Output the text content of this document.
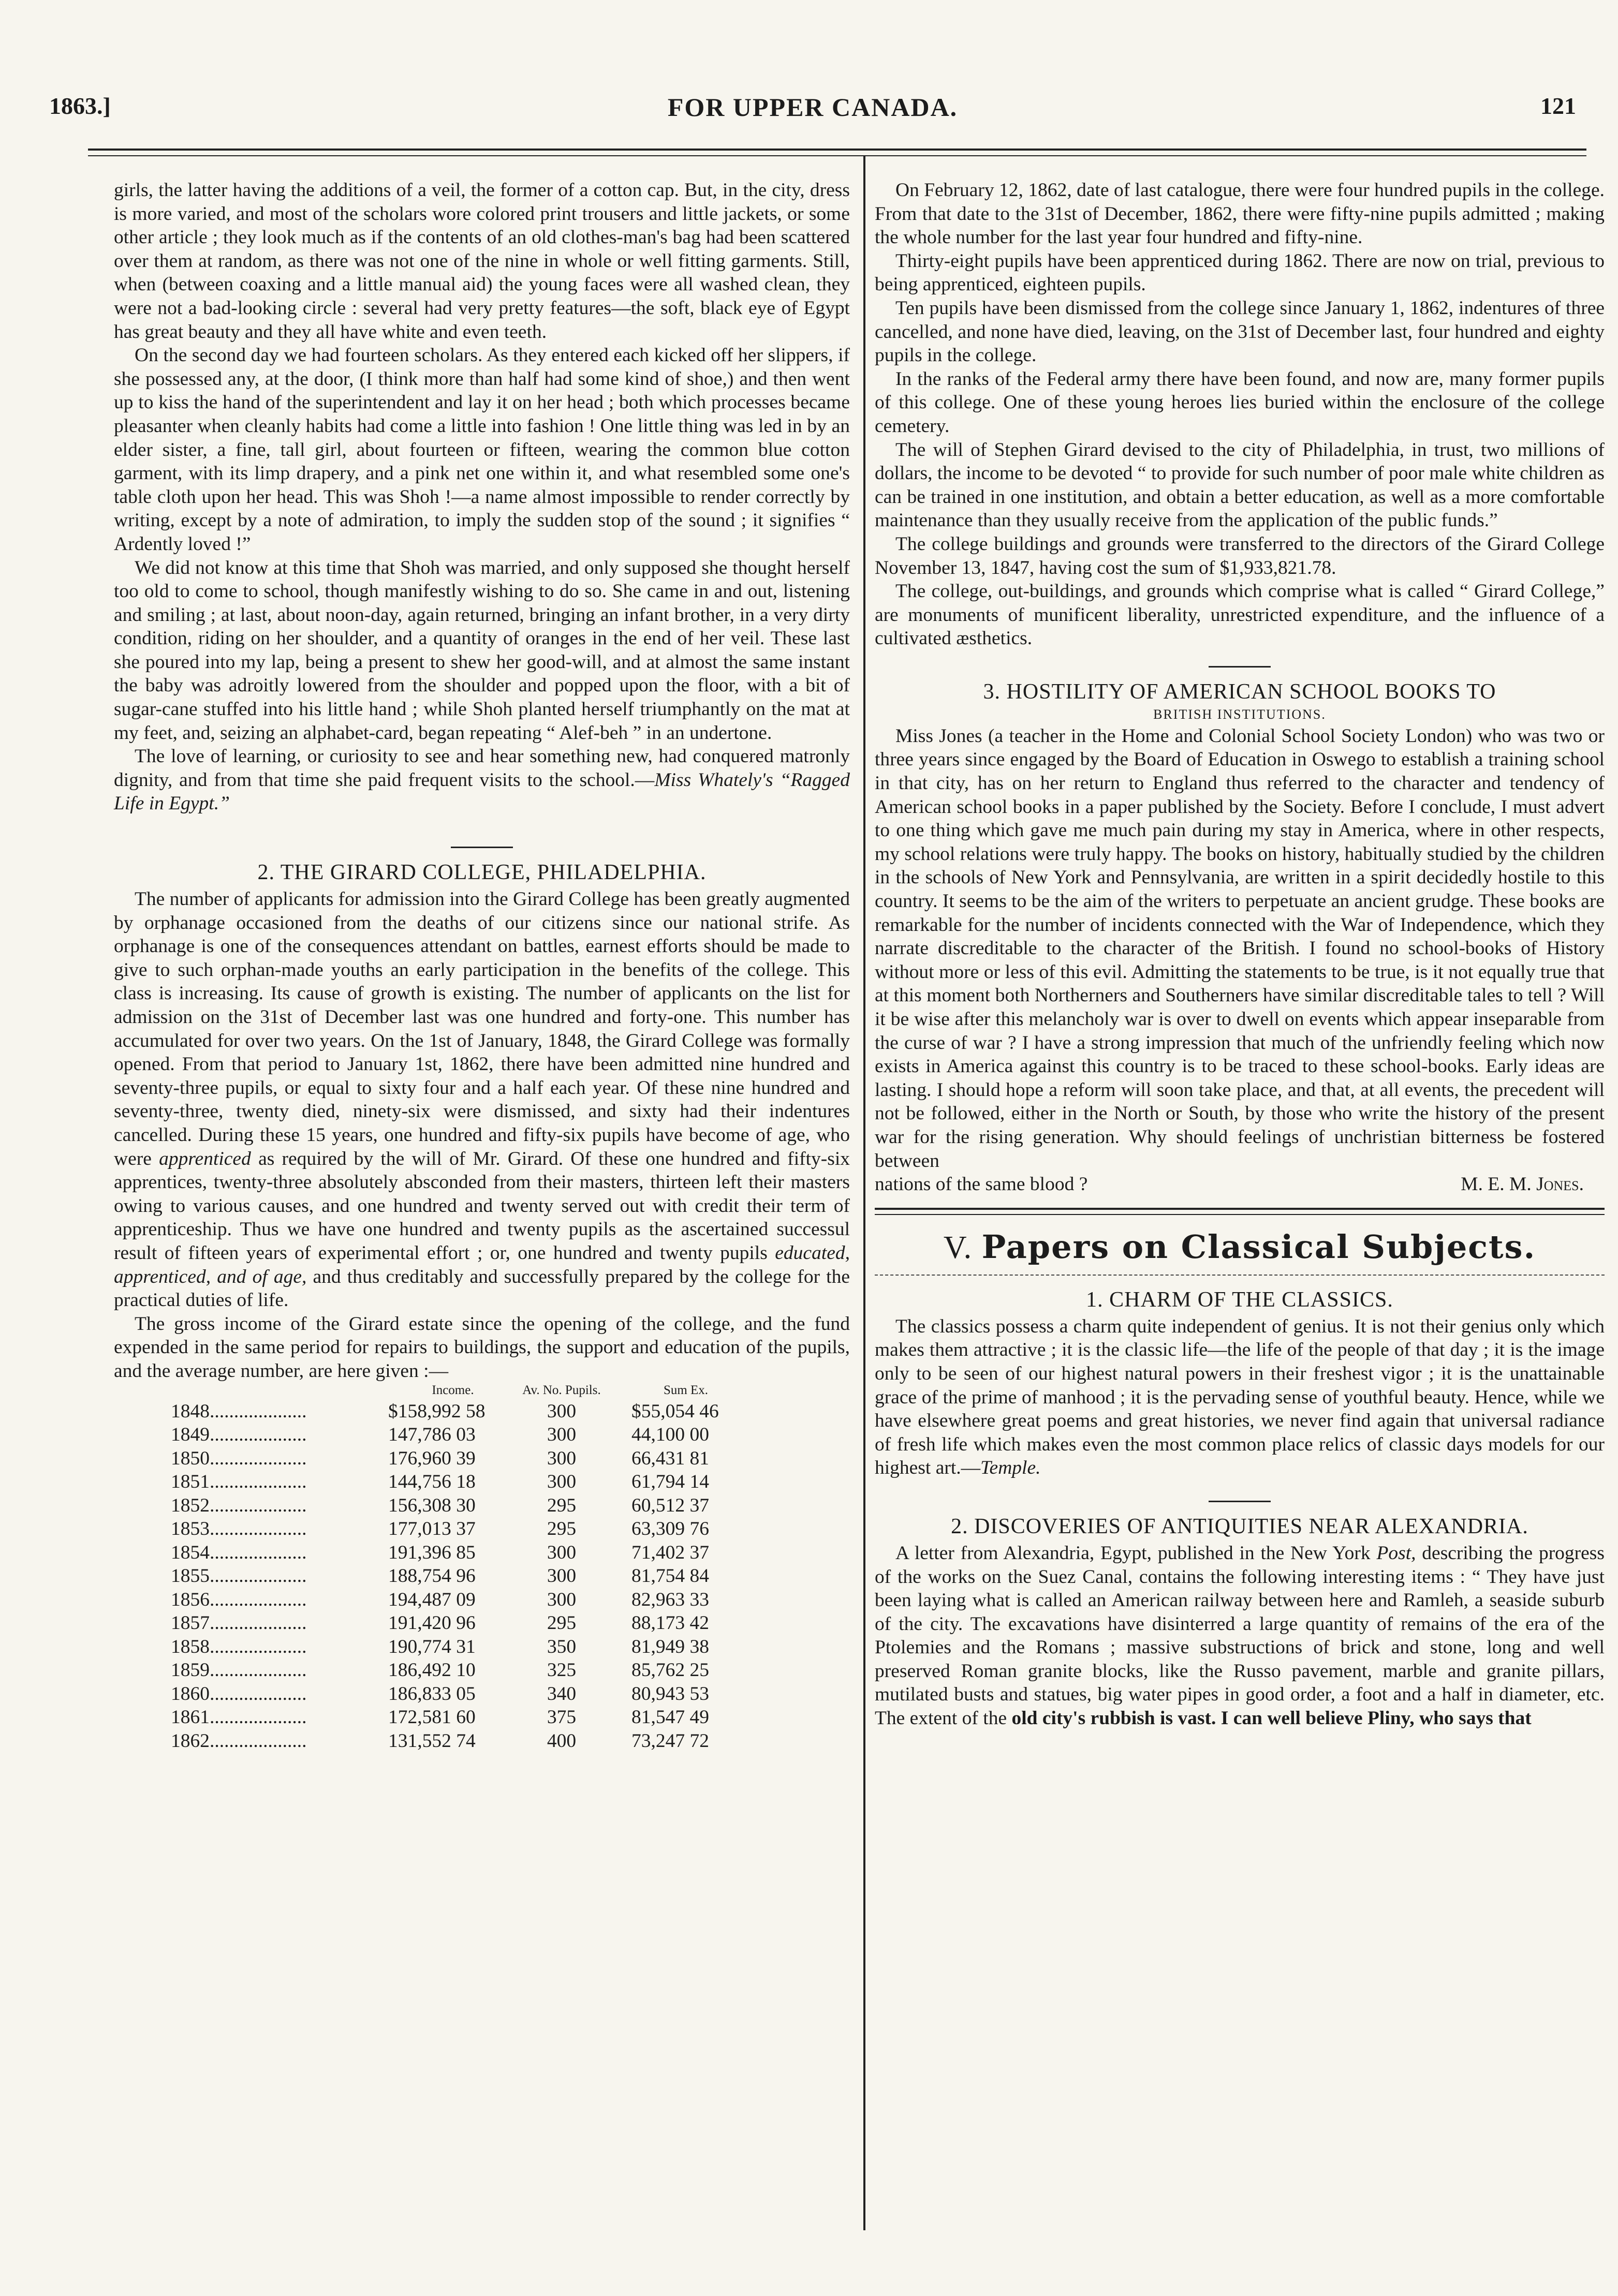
1863.]	FOR UPPER CANADA.	121

girls, the latter having the additions of a veil, the former of a cotton cap. But, in the city, dress is more varied, and most of the scholars wore colored print trousers and little jackets, or some other article ; they look much as if the contents of an old clothes-man's bag had been scattered over them at random, as there was not one of the nine in whole or well fitting garments. Still, when (between coaxing and a little manual aid) the young faces were all washed clean, they were not a bad-looking circle : several had very pretty features—the soft, black eye of Egypt has great beauty and they all have white and even teeth.

On the second day we had fourteen scholars. As they entered each kicked off her slippers, if she possessed any, at the door, (I think more than half had some kind of shoe,) and then went up to kiss the hand of the superintendent and lay it on her head ; both which processes became pleasanter when cleanly habits had come a little into fashion ! One little thing was led in by an elder sister, a fine, tall girl, about fourteen or fifteen, wearing the common blue cotton garment, with its limp drapery, and a pink net one within it, and what resembled some one's table cloth upon her head. This was Shoh !—a name almost impossible to render correctly by writing, except by a note of admiration, to imply the sudden stop of the sound ; it signifies “ Ardently loved !”

We did not know at this time that Shoh was married, and only supposed she thought herself too old to come to school, though manifestly wishing to do so. She came in and out, listening and smiling ; at last, about noon-day, again returned, bringing an infant brother, in a very dirty condition, riding on her shoulder, and a quantity of oranges in the end of her veil. These last she poured into my lap, being a present to shew her good-will, and at almost the same instant the baby was adroitly lowered from the shoulder and popped upon the floor, with a bit of sugar-cane stuffed into his little hand ; while Shoh planted herself triumphantly on the mat at my feet, and, seizing an alphabet-card, began repeating “ Alef-beh ” in an undertone.

The love of learning, or curiosity to see and hear something new, had conquered matronly dignity, and from that time she paid frequent visits to the school.—Miss Whately's “Ragged Life in Egypt.”

2. THE GIRARD COLLEGE, PHILADELPHIA.

The number of applicants for admission into the Girard College has been greatly augmented by orphanage occasioned from the deaths of our citizens since our national strife. As orphanage is one of the consequences attendant on battles, earnest efforts should be made to give to such orphan-made youths an early participation in the benefits of the college. This class is increasing. Its cause of growth is existing. The number of applicants on the list for admission on the 31st of December last was one hundred and forty-one. This number has accumulated for over two years. On the 1st of January, 1848, the Girard College was formally opened. From that period to January 1st, 1862, there have been admitted nine hundred and seventy-three pupils, or equal to sixty four and a half each year. Of these nine hundred and seventy-three, twenty died, ninety-six were dismissed, and sixty had their indentures cancelled. During these 15 years, one hundred and fifty-six pupils have become of age, who were apprenticed as required by the will of Mr. Girard. Of these one hundred and fifty-six apprentices, twenty-three absolutely absconded from their masters, thirteen left their masters owing to various causes, and one hundred and twenty served out with credit their term of apprenticeship. Thus we have one hundred and twenty pupils as the ascertained successul result of fifteen years of experimental effort ; or, one hundred and twenty pupils educated, apprenticed, and of age, and thus creditably and successfully prepared by the college for the practical duties of life.

The gross income of the Girard estate since the opening of the college, and the fund expended in the same period for repairs to buildings, the support and education of the pupils, and the average number, are here given :—

	Income.	Av. No. Pupils.	Sum Ex.
1848....................	$158,992 58	300	$55,054 46
1849....................	147,786 03	300	44,100 00
1850....................	176,960 39	300	66,431 81
1851....................	144,756 18	300	61,794 14
1852....................	156,308 30	295	60,512 37
1853....................	177,013 37	295	63,309 76
1854....................	191,396 85	300	71,402 37
1855....................	188,754 96	300	81,754 84
1856....................	194,487 09	300	82,963 33
1857....................	191,420 96	295	88,173 42
1858....................	190,774 31	350	81,949 38
1859....................	186,492 10	325	85,762 25
1860....................	186,833 05	340	80,943 53
1861....................	172,581 60	375	81,547 49
1862....................	131,552 74	400	73,247 72

On February 12, 1862, date of last catalogue, there were four hundred pupils in the college. From that date to the 31st of December, 1862, there were fifty-nine pupils admitted ; making the whole number for the last year four hundred and fifty-nine.

Thirty-eight pupils have been apprenticed during 1862. There are now on trial, previous to being apprenticed, eighteen pupils.

Ten pupils have been dismissed from the college since January 1, 1862, indentures of three cancelled, and none have died, leaving, on the 31st of December last, four hundred and eighty pupils in the college.

In the ranks of the Federal army there have been found, and now are, many former pupils of this college. One of these young heroes lies buried within the enclosure of the college cemetery.

The will of Stephen Girard devised to the city of Philadelphia, in trust, two millions of dollars, the income to be devoted “ to provide for such number of poor male white children as can be trained in one institution, and obtain a better education, as well as a more comfortable maintenance than they usually receive from the application of the public funds.”

The college buildings and grounds were transferred to the directors of the Girard College November 13, 1847, having cost the sum of $1,933,821.78.

The college, out-buildings, and grounds which comprise what is called “ Girard College,” are monuments of munificent liberality, unrestricted expenditure, and the influence of a cultivated æsthetics.

3. HOSTILITY OF AMERICAN SCHOOL BOOKS TO
BRITISH INSTITUTIONS.

Miss Jones (a teacher in the Home and Colonial School Society London) who was two or three years since engaged by the Board of Education in Oswego to establish a training school in that city, has on her return to England thus referred to the character and tendency of American school books in a paper published by the Society. Before I conclude, I must advert to one thing which gave me much pain during my stay in America, where in other respects, my school relations were truly happy. The books on history, habitually studied by the children in the schools of New York and Pennsylvania, are written in a spirit decidedly hostile to this country. It seems to be the aim of the writers to perpetuate an ancient grudge. These books are remarkable for the number of incidents connected with the War of Independence, which they narrate discreditable to the character of the British. I found no school-books of History without more or less of this evil. Admitting the statements to be true, is it not equally true that at this moment both Northerners and Southerners have similar discreditable tales to tell ? Will it be wise after this melancholy war is over to dwell on events which appear inseparable from the curse of war ? I have a strong impression that much of the unfriendly feeling which now exists in America against this country is to be traced to these school-books. Early ideas are lasting. I should hope a reform will soon take place, and that, at all events, the precedent will not be followed, either in the North or South, by those who write the history of the present war for the rising generation. Why should feelings of unchristian bitterness be fostered between

nations of the same blood ?	M. E. M. Jones.
V. Papers on Classical Subjects.
1. CHARM OF THE CLASSICS.

The classics possess a charm quite independent of genius. It is not their genius only which makes them attractive ; it is the classic life—the life of the people of that day ; it is the image only to be seen of our highest natural powers in their freshest vigor ; it is the unattainable grace of the prime of manhood ; it is the pervading sense of youthful beauty. Hence, while we have elsewhere great poems and great histories, we never find again that universal radiance of fresh life which makes even the most common place relics of classic days models for our highest art.—Temple.

2. DISCOVERIES OF ANTIQUITIES NEAR ALEXANDRIA.

A letter from Alexandria, Egypt, published in the New York Post, describing the progress of the works on the Suez Canal, contains the following interesting items : “ They have just been laying what is called an American railway between here and Ramleh, a seaside suburb of the city. The excavations have disinterred a large quantity of remains of the era of the Ptolemies and the Romans ; massive substructions of brick and stone, long and well preserved Roman granite blocks, like the Russo pavement, marble and granite pillars, mutilated busts and statues, big water pipes in good order, a foot and a half in diameter, etc. The extent of the old city's rubbish is vast. I can well believe Pliny, who says that
